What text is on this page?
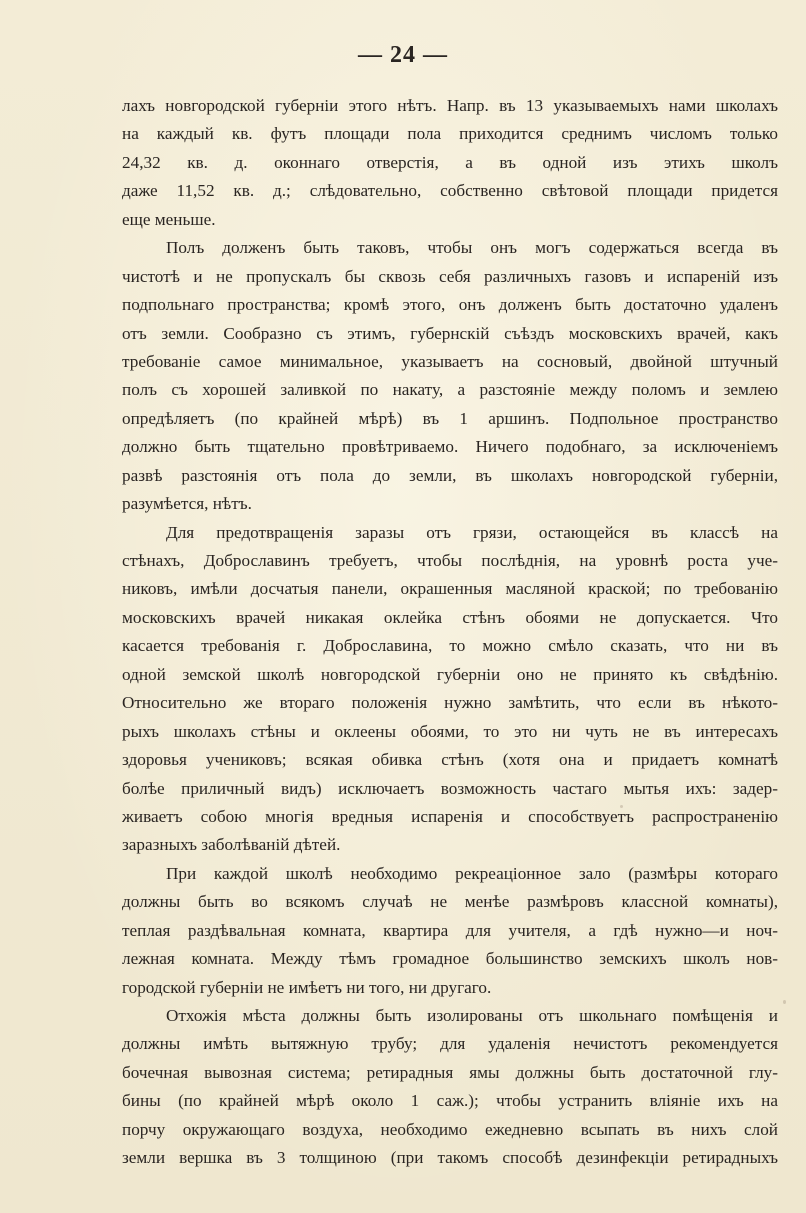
— 24 —
лахъ новгородской губерніи этого нѣтъ. Напр. въ 13 указываемыхъ нами школахъ
на каждый кв. футъ площади пола приходится среднимъ числомъ только
24,32 кв. д. оконнаго отверстія, а въ одной изъ этихъ школъ
даже 11,52 кв. д.; слѣдовательно, собственно свѣтовой площади придется
еще меньше.
Полъ долженъ быть таковъ, чтобы онъ могъ содержаться всегда въ
чистотѣ и не пропускалъ бы сквозь себя различныхъ газовъ и испареній изъ
подпольнаго пространства; кромѣ этого, онъ долженъ быть достаточно удаленъ
отъ земли. Сообразно съ этимъ, губернскій съѣздъ московскихъ врачей, какъ
требованіе самое минимальное, указываетъ на сосновый, двойной штучный
полъ съ хорошей заливкой по накату, а разстояніе между поломъ и землею
опредѣляетъ (по крайней мѣрѣ) въ 1 аршинъ. Подпольное пространство
должно быть тщательно провѣтриваемо. Ничего подобнаго, за исключеніемъ
развѣ разстоянія отъ пола до земли, въ школахъ новгородской губерніи,
разумѣется, нѣтъ.
Для предотвращенія заразы отъ грязи, остающейся въ классѣ на
стѣнахъ, Доброславинъ требуетъ, чтобы послѣднія, на уровнѣ роста уче-
никовъ, имѣли досчатыя панели, окрашенныя масляной краской; по требованію
московскихъ врачей никакая оклейка стѣнъ обоями не допускается. Что
касается требованія г. Доброславина, то можно смѣло сказать, что ни въ
одной земской школѣ новгородской губерніи оно не принято къ свѣдѣнію.
Относительно же втораго положенія нужно замѣтить, что если въ нѣкото-
рыхъ школахъ стѣны и оклеены обоями, то это ни чуть не въ интересахъ
здоровья учениковъ; всякая обивка стѣнъ (хотя она и придаетъ комнатѣ
болѣе приличный видъ) исключаетъ возможность частаго мытья ихъ: задер-
живаетъ собою многія вредныя испаренія и способствуетъ распространенію
заразныхъ заболѣваній дѣтей.
При каждой школѣ необходимо рекреаціонное зало (размѣры котораго
должны быть во всякомъ случаѣ не менѣе размѣровъ классной комнаты),
теплая раздѣвальная комната, квартира для учителя, а гдѣ нужно—и ноч-
лежная комната. Между тѣмъ громадное большинство земскихъ школъ нов-
городской губерніи не имѣетъ ни того, ни другаго.
Отхожія мѣста должны быть изолированы отъ школьнаго помѣщенія и
должны имѣть вытяжную трубу; для удаленія нечистотъ рекомендуется
бочечная вывозная система; ретирадныя ямы должны быть достаточной глу-
бины (по крайней мѣрѣ около 1 саж.); чтобы устранить вліяніе ихъ на
порчу окружающаго воздуха, необходимо ежедневно всыпать въ нихъ слой
земли вершка въ 3 толщиною (при такомъ способѣ дезинфекціи ретирадныхъ
